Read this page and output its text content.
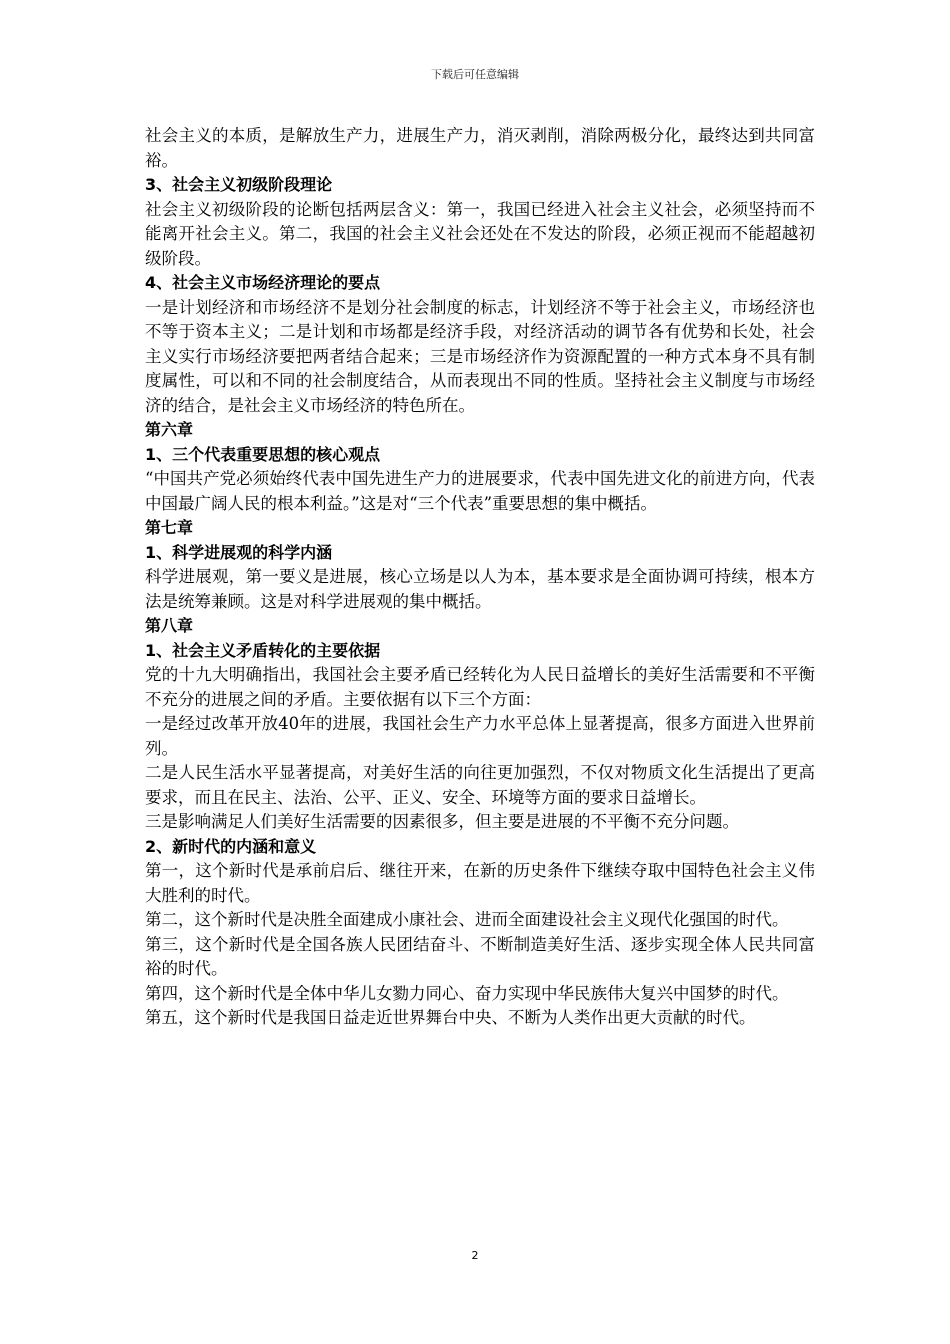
下载后可任意编辑

社会主义的本质，是解放生产力，进展生产力，消灭剥削，消除两极分化，最终达到共同富裕。

3、社会主义初级阶段理论

社会主义初级阶段的论断包括两层含义：第一，我国已经进入社会主义社会，必须坚持而不能离开社会主义。第二，我国的社会主义社会还处在不发达的阶段，必须正视而不能超越初级阶段。

4、社会主义市场经济理论的要点

一是计划经济和市场经济不是划分社会制度的标志，计划经济不等于社会主义，市场经济也不等于资本主义；二是计划和市场都是经济手段，对经济活动的调节各有优势和长处，社会主义实行市场经济要把两者结合起来；三是市场经济作为资源配置的一种方式本身不具有制度属性，可以和不同的社会制度结合，从而表现出不同的性质。坚持社会主义制度与市场经济的结合，是社会主义市场经济的特色所在。

第六章

1、三个代表重要思想的核心观点

“中国共产党必须始终代表中国先进生产力的进展要求，代表中国先进文化的前进方向，代表中国最广阔人民的根本利益。”这是对“三个代表”重要思想的集中概括。

第七章

1、科学进展观的科学内涵

科学进展观，第一要义是进展，核心立场是以人为本，基本要求是全面协调可持续，根本方法是统筹兼顾。这是对科学进展观的集中概括。

第八章

1、社会主义矛盾转化的主要依据

党的十九大明确指出，我国社会主要矛盾已经转化为人民日益增长的美好生活需要和不平衡不充分的进展之间的矛盾。主要依据有以下三个方面：

一是经过改革开放40年的进展，我国社会生产力水平总体上显著提高，很多方面进入世界前列。

二是人民生活水平显著提高，对美好生活的向往更加强烈，不仅对物质文化生活提出了更高要求，而且在民主、法治、公平、正义、安全、环境等方面的要求日益增长。

三是影响满足人们美好生活需要的因素很多，但主要是进展的不平衡不充分问题。

2、新时代的内涵和意义

第一，这个新时代是承前启后、继往开来，在新的历史条件下继续夺取中国特色社会主义伟大胜利的时代。

第二，这个新时代是决胜全面建成小康社会、进而全面建设社会主义现代化强国的时代。

第三，这个新时代是全国各族人民团结奋斗、不断制造美好生活、逐步实现全体人民共同富裕的时代。

第四，这个新时代是全体中华儿女勠力同心、奋力实现中华民族伟大复兴中国梦的时代。

第五，这个新时代是我国日益走近世界舞台中央、不断为人类作出更大贡献的时代。

2
